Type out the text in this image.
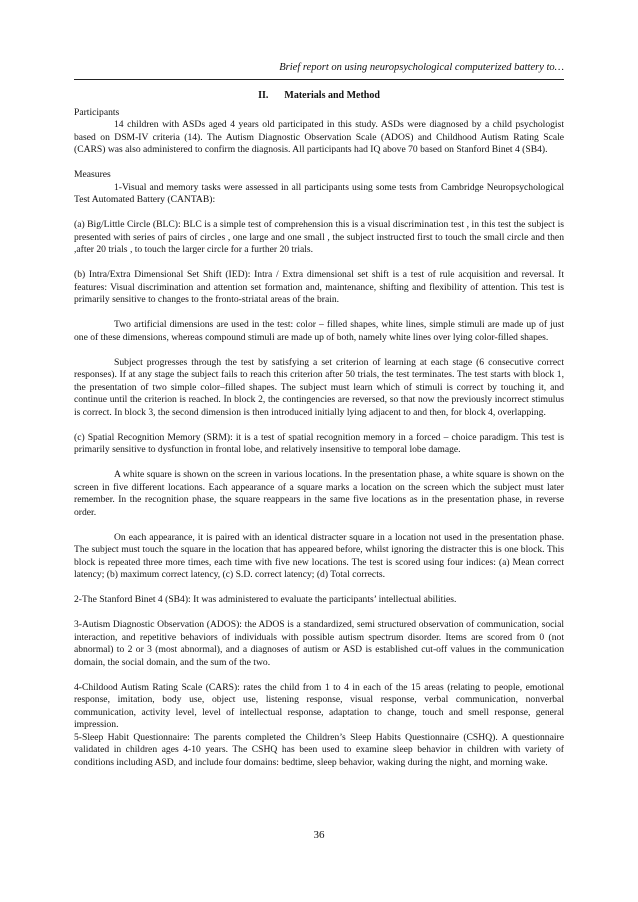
Brief report on using neuropsychological computerized battery to…
II. Materials and Method
Participants

14 children with ASDs aged 4 years old participated in this study. ASDs were diagnosed by a child psychologist based on DSM-IV criteria (14). The Autism Diagnostic Observation Scale (ADOS) and Childhood Autism Rating Scale (CARS) was also administered to confirm the diagnosis. All participants had IQ above 70 based on Stanford Binet 4 (SB4).

Measures

1-Visual and memory tasks were assessed in all participants using some tests from Cambridge Neuropsychological Test Automated Battery (CANTAB):

(a) Big/Little Circle (BLC): BLC is a simple test of comprehension this is a visual discrimination test , in this test the subject is presented with series of pairs of circles , one large and one small , the subject instructed first to touch the small circle and then ,after 20 trials , to touch the larger circle for a further 20 trials.

(b) Intra/Extra Dimensional Set Shift (IED): Intra / Extra dimensional set shift is a test of rule acquisition and reversal. It features: Visual discrimination and attention set formation and, maintenance, shifting and flexibility of attention. This test is primarily sensitive to changes to the fronto-striatal areas of the brain.

Two artificial dimensions are used in the test: color – filled shapes, white lines, simple stimuli are made up of just one of these dimensions, whereas compound stimuli are made up of both, namely white lines over lying color-filled shapes.

Subject progresses through the test by satisfying a set criterion of learning at each stage (6 consecutive correct responses). If at any stage the subject fails to reach this criterion after 50 trials, the test terminates. The test starts with block 1, the presentation of two simple color–filled shapes. The subject must learn which of stimuli is correct by touching it, and continue until the criterion is reached. In block 2, the contingencies are reversed, so that now the previously incorrect stimulus is correct. In block 3, the second dimension is then introduced initially lying adjacent to and then, for block 4, overlapping.

(c) Spatial Recognition Memory (SRM): it is a test of spatial recognition memory in a forced – choice paradigm. This test is primarily sensitive to dysfunction in frontal lobe, and relatively insensitive to temporal lobe damage.

A white square is shown on the screen in various locations. In the presentation phase, a white square is shown on the screen in five different locations. Each appearance of a square marks a location on the screen which the subject must later remember. In the recognition phase, the square reappears in the same five locations as in the presentation phase, in reverse order.

On each appearance, it is paired with an identical distracter square in a location not used in the presentation phase. The subject must touch the square in the location that has appeared before, whilst ignoring the distracter this is one block. This block is repeated three more times, each time with five new locations. The test is scored using four indices: (a) Mean correct latency; (b) maximum correct latency, (c) S.D. correct latency; (d) Total corrects.

2-The Stanford Binet 4 (SB4): It was administered to evaluate the participants’ intellectual abilities.

3-Autism Diagnostic Observation (ADOS): the ADOS is a standardized, semi structured observation of communication, social interaction, and repetitive behaviors of individuals with possible autism spectrum disorder. Items are scored from 0 (not abnormal) to 2 or 3 (most abnormal), and a diagnoses of autism or ASD is established cut-off values in the communication domain, the social domain, and the sum of the two.

4-Childood Autism Rating Scale (CARS): rates the child from 1 to 4 in each of the 15 areas (relating to people, emotional response, imitation, body use, object use, listening response, visual response, verbal communication, nonverbal communication, activity level, level of intellectual response, adaptation to change, touch and smell response, general impression.

5-Sleep Habit Questionnaire: The parents completed the Children’s Sleep Habits Questionnaire (CSHQ). A questionnaire validated in children ages 4-10 years. The CSHQ has been used to examine sleep behavior in children with variety of conditions including ASD, and include four domains: bedtime, sleep behavior, waking during the night, and morning wake.

36
